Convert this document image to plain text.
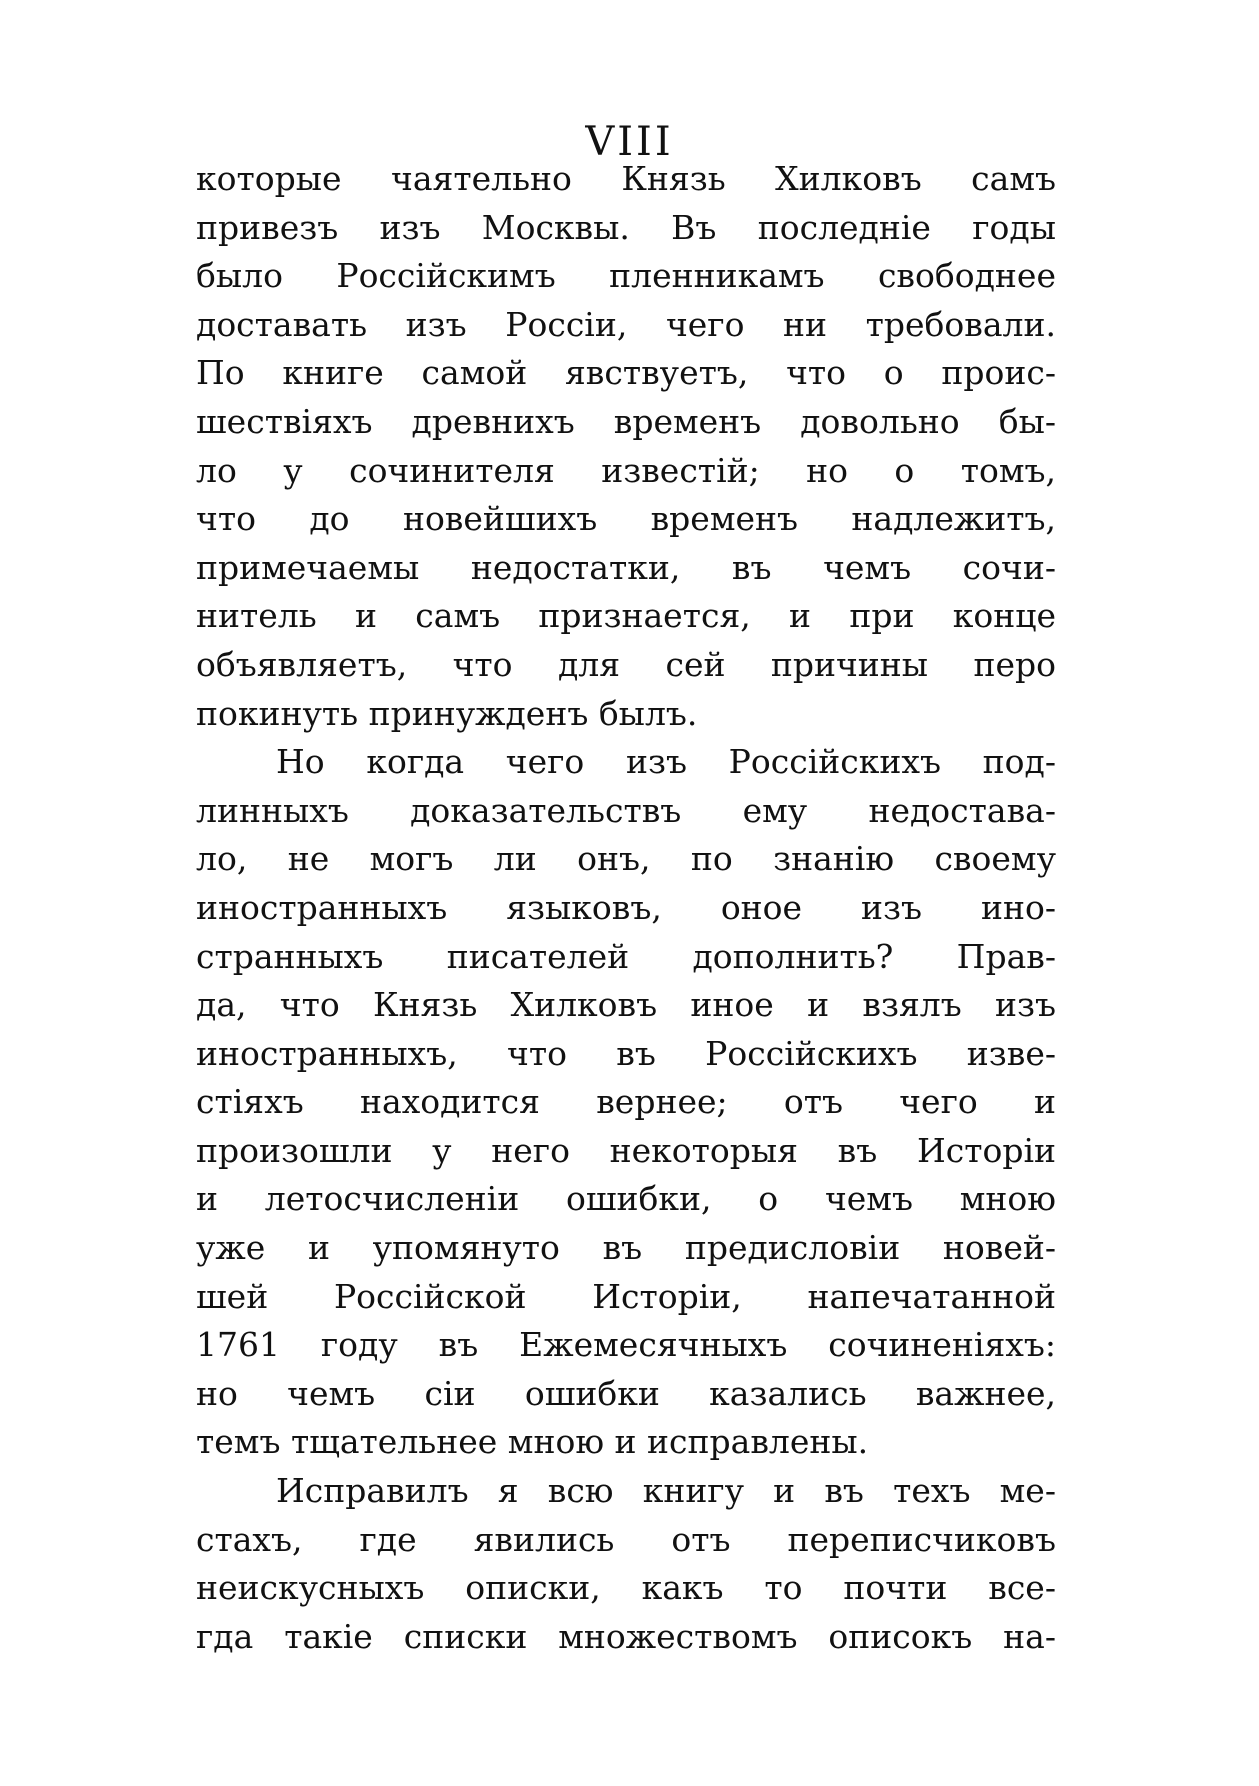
VIII
которые чаятельно Князь Хилковъ самъ
привезъ изъ Москвы. Въ последніе годы
было Россійскимъ пленникамъ свободнее
доставать изъ Россіи, чего ни требовали.
По книге самой явствуетъ, что о проис-
шествіяхъ древнихъ временъ довольно бы-
ло у сочинителя известій; но о томъ,
что до новейшихъ временъ надлежитъ,
примечаемы недостатки, въ чемъ сочи-
нитель и самъ признается, и при конце
объявляетъ, что для сей причины перо
покинуть принужденъ былъ.
Но когда чего изъ Россійскихъ под-
линныхъ доказательствъ ему недостава-
ло, не могъ ли онъ, по знанію своему
иностранныхъ языковъ, оное изъ ино-
странныхъ писателей дополнить? Прав-
да, что Князь Хилковъ иное и взялъ изъ
иностранныхъ, что въ Россійскихъ изве-
стіяхъ находится вернее; отъ чего и
произошли у него некоторыя въ Исторіи
и летосчисленіи ошибки, о чемъ мною
уже и упомянуто въ предисловіи новей-
шей Россійской Исторіи, напечатанной
1761 году въ Ежемесячныхъ сочиненіяхъ:
но чемъ сіи ошибки казались важнее,
темъ тщательнее мною и исправлены.
Исправилъ я всю книгу и въ техъ ме-
стахъ, где явились отъ переписчиковъ
неискусныхъ описки, какъ то почти все-
гда такіе списки множествомъ описокъ на-
